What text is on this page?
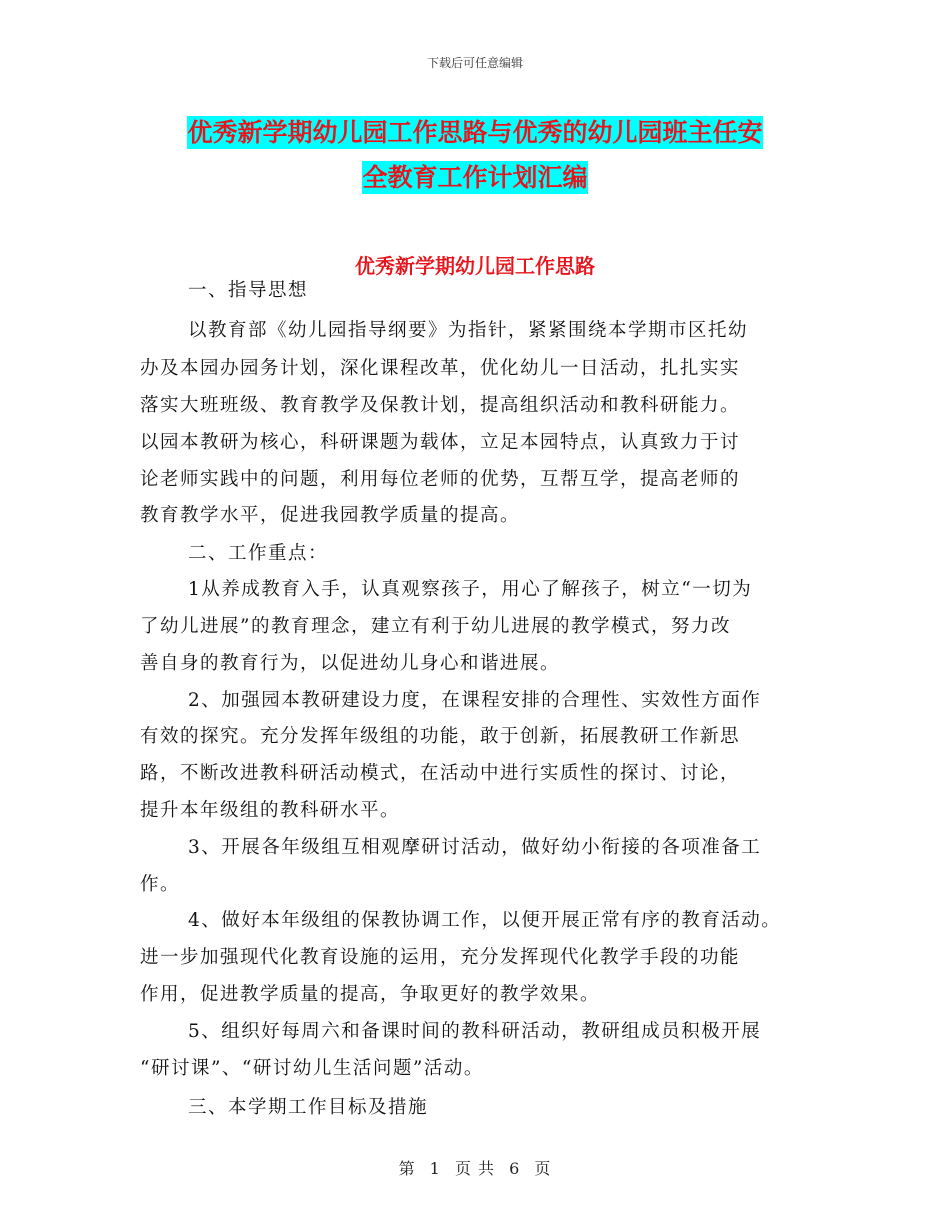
下载后可任意编辑
优秀新学期幼儿园工作思路与优秀的幼儿园班主任安
全教育工作计划汇编
优秀新学期幼儿园工作思路
一、指导思想
以教育部《幼儿园指导纲要》为指针，紧紧围绕本学期市区托幼
办及本园办园务计划，深化课程改革，优化幼儿一日活动，扎扎实实
落实大班班级、教育教学及保教计划，提高组织活动和教科研能力。
以园本教研为核心，科研课题为载体，立足本园特点，认真致力于讨
论老师实践中的问题，利用每位老师的优势，互帮互学，提高老师的
教育教学水平，促进我园教学质量的提高。
二、工作重点：
1从养成教育入手，认真观察孩子，用心了解孩子，树立“一切为
了幼儿进展”的教育理念，建立有利于幼儿进展的教学模式，努力改
善自身的教育行为，以促进幼儿身心和谐进展。
2、加强园本教研建设力度，在课程安排的合理性、实效性方面作
有效的探究。充分发挥年级组的功能，敢于创新，拓展教研工作新思
路，不断改进教科研活动模式，在活动中进行实质性的探讨、讨论，
提升本年级组的教科研水平。
3、开展各年级组互相观摩研讨活动，做好幼小衔接的各项准备工
作。
4、做好本年级组的保教协调工作，以便开展正常有序的教育活动。
进一步加强现代化教育设施的运用，充分发挥现代化教学手段的功能
作用，促进教学质量的提高，争取更好的教学效果。
5、组织好每周六和备课时间的教科研活动，教研组成员积极开展
“研讨课”、“研讨幼儿生活问题”活动。
三、本学期工作目标及措施
第 1 页 共 6 页
